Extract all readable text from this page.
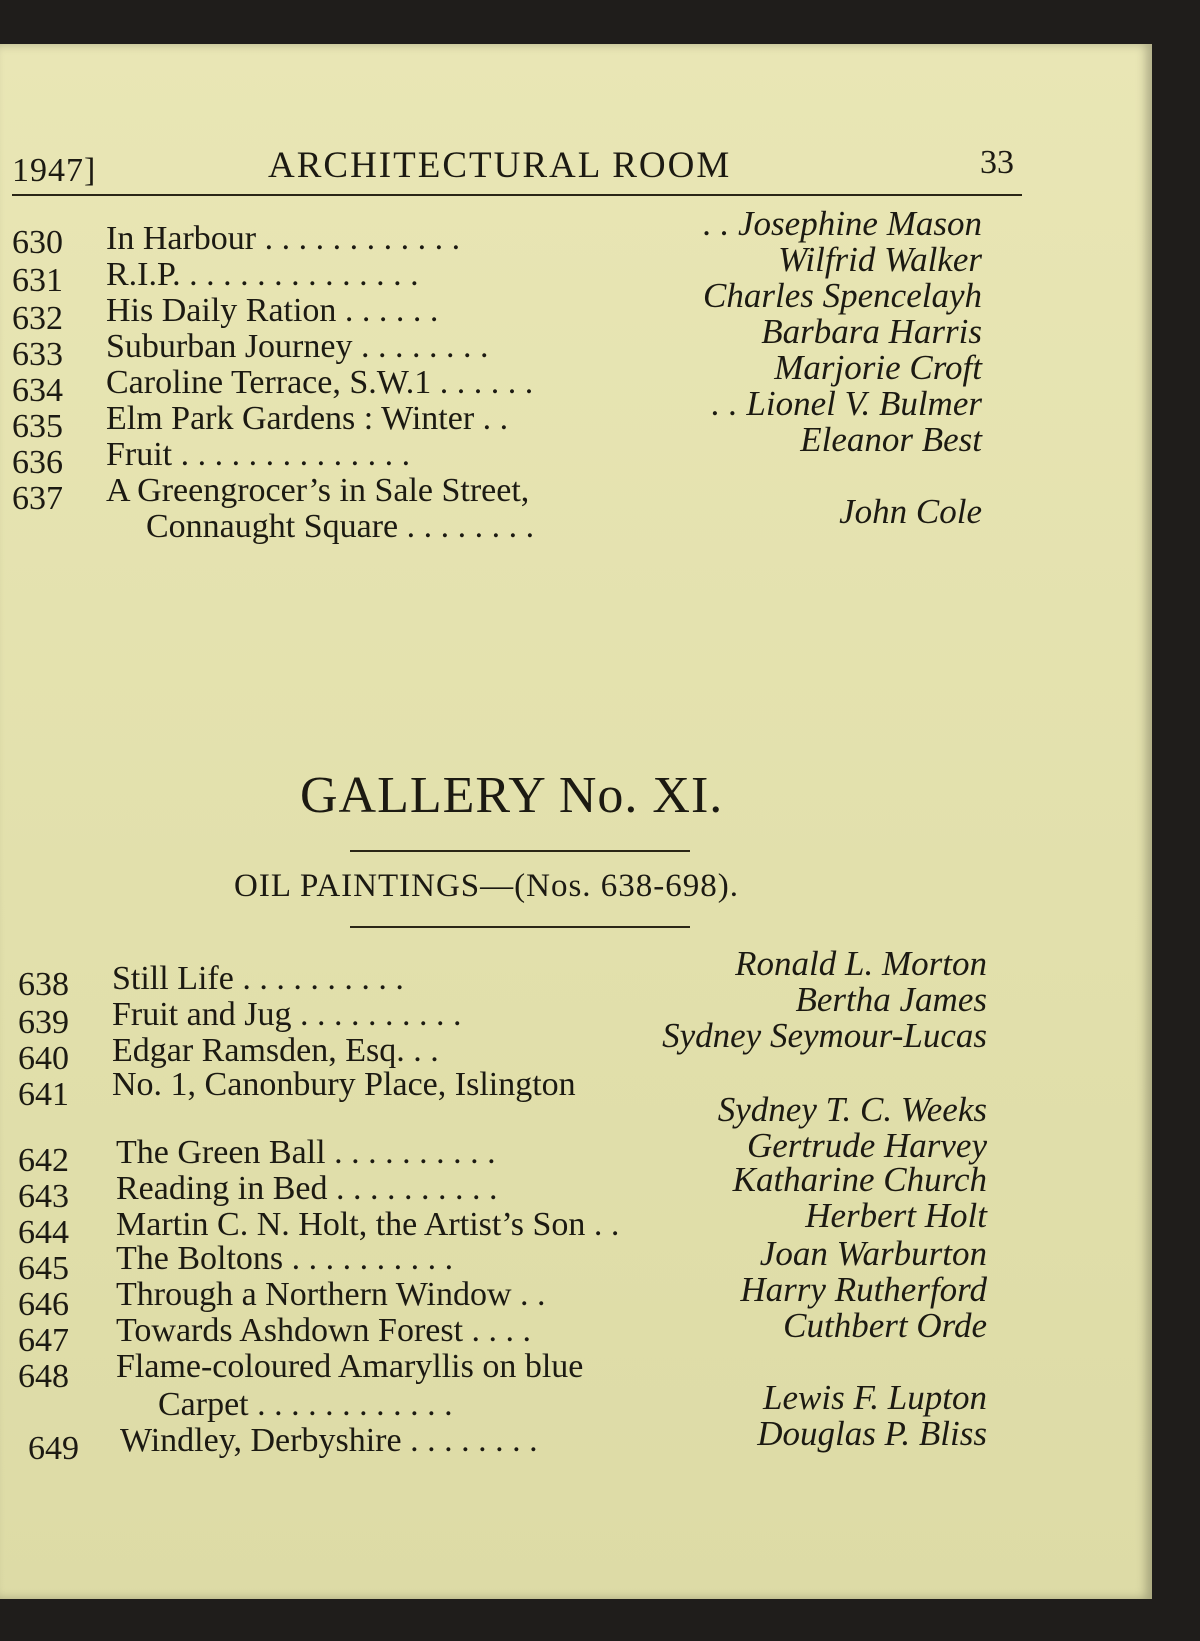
1947]	ARCHITECTURAL ROOM	33
630 In Harbour . . . . . . . . . . . .	. . Josephine Mason
631 R.I.P. . . . . . . . . . . . . . .	Wilfrid Walker
632 His Daily Ration . . . . . .	Charles Spencelayh
633 Suburban Journey . . . . . . . .	Barbara Harris
634 Caroline Terrace, S.W.1 . . . . . .	Marjorie Croft
635 Elm Park Gardens : Winter . .	. . Lionel V. Bulmer
636 Fruit . . . . . . . . . . . . . .	Eleanor Best
637 A Greengrocer’s in Sale Street,
Connaught Square . . . . . . . .	John Cole
GALLERY No. XI.
OIL PAINTINGS—(Nos. 638-698).
638 Still Life . . . . . . . . . .	Ronald L. Morton
639 Fruit and Jug . . . . . . . . . .	Bertha James
640 Edgar Ramsden, Esq. . .	Sydney Seymour-Lucas
641 No. 1, Canonbury Place, Islington
Sydney T. C. Weeks
642 The Green Ball . . . . . . . . . .	Gertrude Harvey
643 Reading in Bed . . . . . . . . . .	Katharine Church
644 Martin C. N. Holt, the Artist’s Son . .	Herbert Holt
645 The Boltons . . . . . . . . . .	Joan Warburton
646 Through a Northern Window . .	Harry Rutherford
647 Towards Ashdown Forest . . . .	Cuthbert Orde
648 Flame-coloured Amaryllis on blue
Carpet . . . . . . . . . . . .	Lewis F. Lupton
649 Windley, Derbyshire . . . . . . . .	Douglas P. Bliss
